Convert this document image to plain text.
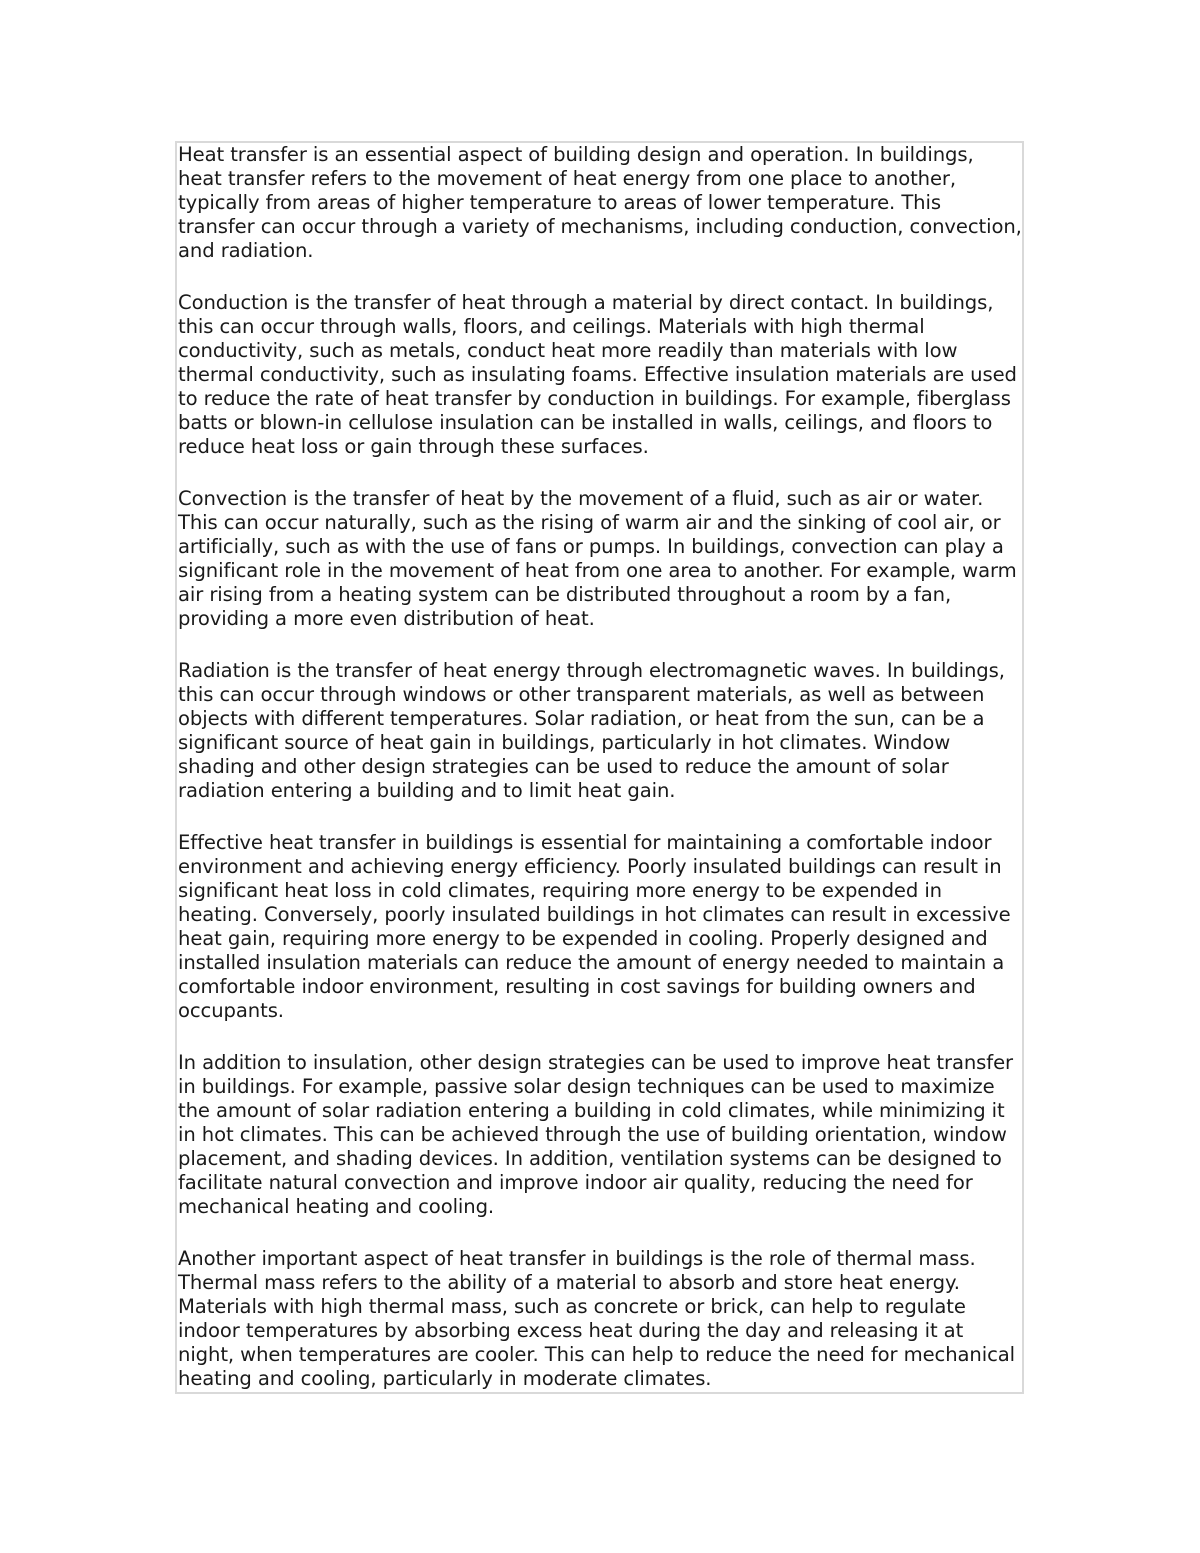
Heat transfer is an essential aspect of building design and operation. In buildings, heat transfer refers to the movement of heat energy from one place to another, typically from areas of higher temperature to areas of lower temperature. This transfer can occur through a variety of mechanisms, including conduction, convection, and radiation.

Conduction is the transfer of heat through a material by direct contact. In buildings, this can occur through walls, floors, and ceilings. Materials with high thermal conductivity, such as metals, conduct heat more readily than materials with low thermal conductivity, such as insulating foams. Effective insulation materials are used to reduce the rate of heat transfer by conduction in buildings. For example, fiberglass batts or blown-in cellulose insulation can be installed in walls, ceilings, and floors to reduce heat loss or gain through these surfaces.

Convection is the transfer of heat by the movement of a fluid, such as air or water. This can occur naturally, such as the rising of warm air and the sinking of cool air, or artificially, such as with the use of fans or pumps. In buildings, convection can play a significant role in the movement of heat from one area to another. For example, warm air rising from a heating system can be distributed throughout a room by a fan, providing a more even distribution of heat.

Radiation is the transfer of heat energy through electromagnetic waves. In buildings, this can occur through windows or other transparent materials, as well as between objects with different temperatures. Solar radiation, or heat from the sun, can be a significant source of heat gain in buildings, particularly in hot climates. Window shading and other design strategies can be used to reduce the amount of solar radiation entering a building and to limit heat gain.

Effective heat transfer in buildings is essential for maintaining a comfortable indoor environment and achieving energy efficiency. Poorly insulated buildings can result in significant heat loss in cold climates, requiring more energy to be expended in heating. Conversely, poorly insulated buildings in hot climates can result in excessive heat gain, requiring more energy to be expended in cooling. Properly designed and installed insulation materials can reduce the amount of energy needed to maintain a comfortable indoor environment, resulting in cost savings for building owners and occupants.

In addition to insulation, other design strategies can be used to improve heat transfer in buildings. For example, passive solar design techniques can be used to maximize the amount of solar radiation entering a building in cold climates, while minimizing it in hot climates. This can be achieved through the use of building orientation, window placement, and shading devices. In addition, ventilation systems can be designed to facilitate natural convection and improve indoor air quality, reducing the need for mechanical heating and cooling.

Another important aspect of heat transfer in buildings is the role of thermal mass. Thermal mass refers to the ability of a material to absorb and store heat energy. Materials with high thermal mass, such as concrete or brick, can help to regulate indoor temperatures by absorbing excess heat during the day and releasing it at night, when temperatures are cooler. This can help to reduce the need for mechanical heating and cooling, particularly in moderate climates.
